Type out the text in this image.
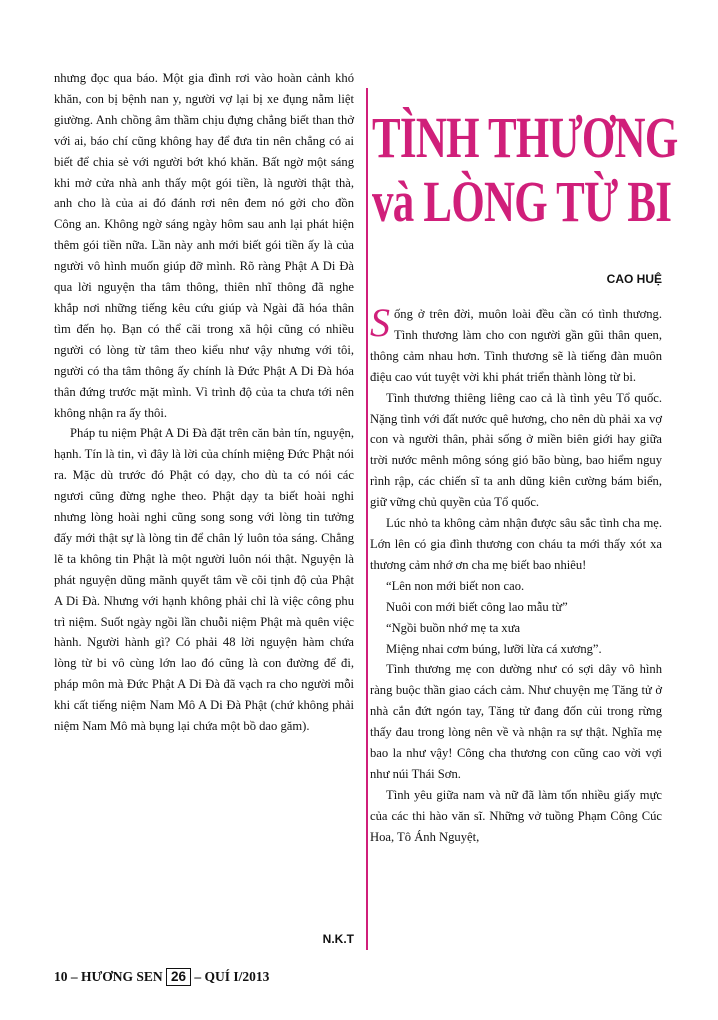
nhưng đọc qua báo. Một gia đình rơi vào hoàn cảnh khó khăn, con bị bệnh nan y, người vợ lại bị xe đụng nằm liệt giường. Anh chồng âm thầm chịu đựng chẳng biết than thở với ai, báo chí cũng không hay để đưa tin nên chẳng có ai biết để chia sẻ với người bớt khó khăn. Bất ngờ một sáng khi mở cửa nhà anh thấy một gói tiền, là người thật thà, anh cho là của ai đó đánh rơi nên đem nó gởi cho đồn Công an. Không ngờ sáng ngày hôm sau anh lại phát hiện thêm gói tiền nữa. Lần này anh mới biết gói tiền ấy là của người vô hình muốn giúp đỡ mình. Rõ ràng Phật A Di Đà qua lời nguyện tha tâm thông, thiên nhĩ thông đã nghe khắp nơi những tiếng kêu cứu giúp và Ngài đã hóa thân tìm đến họ. Bạn có thể cãi trong xã hội cũng có nhiều người có lòng từ tâm theo kiểu như vậy nhưng với tôi, người có tha tâm thông ấy chính là Đức Phật A Di Đà hóa thân đứng trước mặt mình. Vì trình độ của ta chưa tới nên không nhận ra ấy thôi.

Pháp tu niệm Phật A Di Đà đặt trên căn bản tín, nguyện, hạnh. Tín là tin, vì đây là lời của chính miệng Đức Phật nói ra. Mặc dù trước đó Phật có dạy, cho dù ta có nói các ngươi cũng đừng nghe theo. Phật dạy ta biết hoài nghi nhưng lòng hoài nghi cũng song song với lòng tin tưởng đấy mới thật sự là lòng tin để chân lý luôn tỏa sáng. Chẳng lẽ ta không tin Phật là một người luôn nói thật. Nguyện là phát nguyện dũng mãnh quyết tâm về cõi tịnh độ của Phật A Di Đà. Nhưng với hạnh không phải chỉ là việc công phu trì niệm. Suốt ngày ngồi lần chuỗi niệm Phật mà quên việc hành. Người hành gì? Có phải 48 lời nguyện hàm chứa lòng từ bi vô cùng lớn lao đó cũng là con đường để đi, pháp môn mà Đức Phật A Di Đà đã vạch ra cho người mỗi khi cất tiếng niệm Nam Mô A Di Đà Phật (chứ không phải niệm Nam Mô mà bụng lại chứa một bồ dao găm).

N.K.T
TÌNH THƯƠNG
và LÒNG TỪ BI
CAO HUỆ

Sống ở trên đời, muôn loài đều cần có tình thương. Tình thương làm cho con người gần gũi thân quen, thông cảm nhau hơn. Tình thương sẽ là tiếng đàn muôn điệu cao vút tuyệt vời khi phát triển thành lòng từ bi.

Tình thương thiêng liêng cao cả là tình yêu Tổ quốc. Nặng tình với đất nước quê hương, cho nên dù phải xa vợ con và người thân, phải sống ở miền biên giới hay giữa trời nước mênh mông sóng gió bão bùng, bao hiểm nguy rình rập, các chiến sĩ ta anh dũng kiên cường bám biển, giữ vững chủ quyền của Tổ quốc.

Lúc nhỏ ta không cảm nhận được sâu sắc tình cha mẹ. Lớn lên có gia đình thương con cháu ta mới thấy xót xa thương cảm nhớ ơn cha mẹ biết bao nhiêu!

“Lên non mới biết non cao.

Nuôi con mới biết công lao mẫu từ”

“Ngồi buồn nhớ mẹ ta xưa

Miệng nhai cơm búng, lưỡi lừa cá xương”.

Tình thương mẹ con dường như có sợi dây vô hình ràng buộc thần giao cách cảm. Như chuyện mẹ Tăng tử ở nhà cắn đứt ngón tay, Tăng tử đang đốn củi trong rừng thấy đau trong lòng nên về và nhận ra sự thật. Nghĩa mẹ bao la như vậy! Công cha thương con cũng cao vời vợi như núi Thái Sơn.

Tình yêu giữa nam và nữ đã làm tốn nhiều giấy mực của các thi hào văn sĩ. Những vở tuồng Phạm Công Cúc Hoa, Tô Ánh Nguyệt,

10 – HƯƠNG SEN 26 – QUÍ I/2013
